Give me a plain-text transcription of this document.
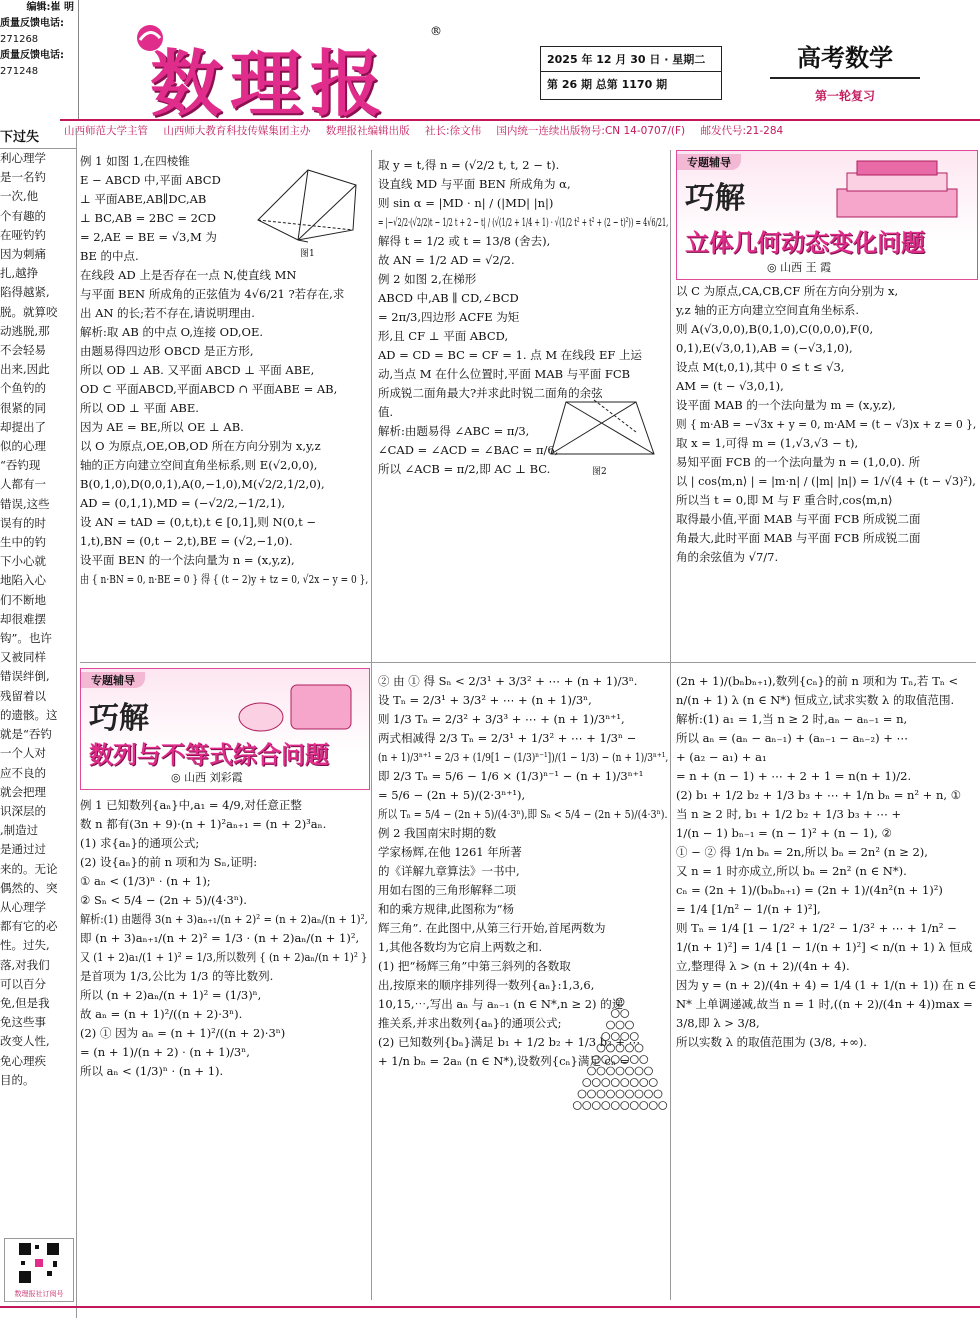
编辑:崔 明
质量反馈电话:
271268
质量反馈电话:
271248	数理报
®
2025 年 12 月 30 日 · 星期二
第 26 期 总第 1170 期
高考数学
第一轮复习
山西师范大学主管 山西师大教育科技传媒集团主办 数理报社编辑出版 社长:徐文伟 国内统一连续出版物号:CN 14-0707/(F) 邮发代号:21-284
下过失
利心理学
是一名钓
一次,他
个有趣的
在哑钓钓
因为刺痛
扎,越挣
陷得越紧,
脱。就算咬
动逃脱,那
不会轻易
出来,因此
个鱼钓的
很紧的同
却提出了
似的心理
“吞钓现
人都有一
错误,这些
误有的时
生中的钓
下小心就
地陷入心
们不断地
却很难摆
钩”。也许
又被同样
错误绊倒,
残留着以
的遗骸。这
就是“吞钓
一个人对
应不良的
就会把理
识深层的
,制造过
是通过过
来的。无论
偶然的、突
从心理学
都有它的必
性。过失,
落,对我们
可以百分
免,但是我
免这些事
改变人性,
免心理疾
目的。
数理报社订阅号
例 1 如图 1,在四棱锥
E − ABCD 中,平面 ABCD
⊥ 平面ABE,AB∥DC,AB
⊥ BC,AB = 2BC = 2CD
= 2,AE = BE = √3,M 为
BE 的中点.
在线段 AD 上是否存在一点 N,使直线 MN
与平面 BEN 所成角的正弦值为 4√6/21 ?若存在,求
出 AN 的长;若不存在,请说明理由.
解析:取 AB 的中点 O,连接 OD,OE.
由题易得四边形 OBCD 是正方形,
所以 OD ⊥ AB. 又平面 ABCD ⊥ 平面 ABE,
OD ⊂ 平面ABCD,平面ABCD ∩ 平面ABE = AB,
所以 OD ⊥ 平面 ABE.
因为 AE = BE,所以 OE ⊥ AB.
以 O 为原点,OE,OB,OD 所在方向分别为 x,y,z
轴的正方向建立空间直角坐标系,则 E(√2,0,0),
B(0,1,0),D(0,0,1),A(0,−1,0),M(√2/2,1/2,0),
AD = (0,1,1),MD = (−√2/2,−1/2,1),
设 AN = tAD = (0,t,t),t ∈ [0,1],则 N(0,t −
1,t),BN = (0,t − 2,t),BE = (√2,−1,0).
设平面 BEN 的一个法向量为 n = (x,y,z),
由 { n·BN = 0, n·BE = 0 } 得 { (t − 2)y + tz = 0, √2x − y = 0 },
图1
取 y = t,得 n = (√2/2 t, t, 2 − t).
设直线 MD 与平面 BEN 所成角为 α,
则 sin α = |MD · n| / (|MD| |n|)
= |−√2/2·(√2/2)t − 1/2 t + 2 − t| / (√(1/2 + 1/4 + 1) · √(1/2 t² + t² + (2 − t)²)) = 4√6/21,
解得 t = 1/2 或 t = 13/8 (舍去),
故 AN = 1/2 AD = √2/2.
例 2 如图 2,在梯形
ABCD 中,AB ∥ CD,∠BCD
= 2π/3,四边形 ACFE 为矩
形,且 CF ⊥ 平面 ABCD,
AD = CD = BC = CF = 1. 点 M 在线段 EF 上运
动,当点 M 在什么位置时,平面 MAB 与平面 FCB
所成锐二面角最大?并求此时锐二面角的余弦
值.
解析:由题易得 ∠ABC = π/3,
∠CAD = ∠ACD = ∠BAC = π/6,
所以 ∠ACB = π/2,即 AC ⊥ BC.	图2
专题辅导
巧解
立体几何动态变化问题
◎ 山西 王 霞
以 C 为原点,CA,CB,CF 所在方向分别为 x,
y,z 轴的正方向建立空间直角坐标系.
则 A(√3,0,0),B(0,1,0),C(0,0,0),F(0,
0,1),E(√3,0,1),AB = (−√3,1,0),
设点 M(t,0,1),其中 0 ≤ t ≤ √3,
AM = (t − √3,0,1),
设平面 MAB 的一个法向量为 m = (x,y,z),
则 { m·AB = −√3x + y = 0, m·AM = (t − √3)x + z = 0 },
取 x = 1,可得 m = (1,√3,√3 − t),
易知平面 FCB 的一个法向量为 n = (1,0,0). 所
以 | cos⟨m,n⟩ | = |m·n| / (|m| |n|) = 1/√(4 + (t − √3)²),
所以当 t = 0,即 M 与 F 重合时,cos⟨m,n⟩
取得最小值,平面 MAB 与平面 FCB 所成锐二面
角最大,此时平面 MAB 与平面 FCB 所成锐二面
角的余弦值为 √7/7.
专题辅导
巧解
数列与不等式综合问题
◎ 山西 刘彩霞
例 1 已知数列{aₙ}中,a₁ = 4/9,对任意正整
数 n 都有(3n + 9)·(n + 1)²aₙ₊₁ = (n + 2)³aₙ.
(1) 求{aₙ}的通项公式;
(2) 设{aₙ}的前 n 项和为 Sₙ,证明:
① aₙ < (1/3)ⁿ · (n + 1);
② Sₙ < 5/4 − (2n + 5)/(4·3ⁿ).
解析:(1) 由题得 3(n + 3)aₙ₊₁/(n + 2)² = (n + 2)aₙ/(n + 1)²,
即 (n + 3)aₙ₊₁/(n + 2)² = 1/3 · (n + 2)aₙ/(n + 1)²,
又 (1 + 2)a₁/(1 + 1)² = 1/3,所以数列 { (n + 2)aₙ/(n + 1)² }
是首项为 1/3,公比为 1/3 的等比数列.
所以 (n + 2)aₙ/(n + 1)² = (1/3)ⁿ,
故 aₙ = (n + 1)²/((n + 2)·3ⁿ).
(2) ① 因为 aₙ = (n + 1)²/((n + 2)·3ⁿ)
= (n + 1)/(n + 2) · (n + 1)/3ⁿ,
所以 aₙ < (1/3)ⁿ · (n + 1).
② 由 ① 得 Sₙ < 2/3¹ + 3/3² + ⋯ + (n + 1)/3ⁿ.
设 Tₙ = 2/3¹ + 3/3² + ⋯ + (n + 1)/3ⁿ,
则 1/3 Tₙ = 2/3² + 3/3³ + ⋯ + (n + 1)/3ⁿ⁺¹,
两式相减得 2/3 Tₙ = 2/3¹ + 1/3² + ⋯ + 1/3ⁿ −
(n + 1)/3ⁿ⁺¹ = 2/3 + (1/9[1 − (1/3)ⁿ⁻¹])/(1 − 1/3) − (n + 1)/3ⁿ⁺¹,
即 2/3 Tₙ = 5/6 − 1/6 × (1/3)ⁿ⁻¹ − (n + 1)/3ⁿ⁺¹
= 5/6 − (2n + 5)/(2·3ⁿ⁺¹),
所以 Tₙ = 5/4 − (2n + 5)/(4·3ⁿ),即 Sₙ < 5/4 − (2n + 5)/(4·3ⁿ).
例 2 我国南宋时期的数
学家杨辉,在他 1261 年所著
的《详解九章算法》一书中,
用如右图的三角形解释二项
和的乘方规律,此图称为“杨
辉三角”. 在此图中,从第三行开始,首尾两数为
1,其他各数均为它肩上两数之和.
(1) 把“杨辉三角”中第三斜列的各数取
出,按原来的顺序排列得一数列{aₙ}:1,3,6,
10,15,⋯,写出 aₙ 与 aₙ₋₁ (n ∈ N*,n ≥ 2) 的递
推关系,并求出数列{aₙ}的通项公式;
(2) 已知数列{bₙ}满足 b₁ + 1/2 b₂ + 1/3 b₃ + ⋯
+ 1/n bₙ = 2aₙ (n ∈ N*),设数列{cₙ}满足 cₙ =
(2n + 1)/(bₙbₙ₊₁),数列{cₙ}的前 n 项和为 Tₙ,若 Tₙ <
n/(n + 1) λ (n ∈ N*) 恒成立,试求实数 λ 的取值范围.
解析:(1) a₁ = 1,当 n ≥ 2 时,aₙ − aₙ₋₁ = n,
所以 aₙ = (aₙ − aₙ₋₁) + (aₙ₋₁ − aₙ₋₂) + ⋯
+ (a₂ − a₁) + a₁
= n + (n − 1) + ⋯ + 2 + 1 = n(n + 1)/2.
(2) b₁ + 1/2 b₂ + 1/3 b₃ + ⋯ + 1/n bₙ = n² + n, ①
当 n ≥ 2 时, b₁ + 1/2 b₂ + 1/3 b₃ + ⋯ +
1/(n − 1) bₙ₋₁ = (n − 1)² + (n − 1), ②
① − ② 得 1/n bₙ = 2n,所以 bₙ = 2n² (n ≥ 2),
又 n = 1 时亦成立,所以 bₙ = 2n² (n ∈ N*).
cₙ = (2n + 1)/(bₙbₙ₊₁) = (2n + 1)/(4n²(n + 1)²)
= 1/4 [1/n² − 1/(n + 1)²],
则 Tₙ = 1/4 [1 − 1/2² + 1/2² − 1/3² + ⋯ + 1/n² −
1/(n + 1)²] = 1/4 [1 − 1/(n + 1)²] < n/(n + 1) λ 恒成
立,整理得 λ > (n + 2)/(4n + 4).
因为 y = (n + 2)/(4n + 4) = 1/4 (1 + 1/(n + 1)) 在 n ∈
N* 上单调递减,故当 n = 1 时,((n + 2)/(4n + 4))max =
3/8,即 λ > 3/8,
所以实数 λ 的取值范围为 (3/8, +∞).
